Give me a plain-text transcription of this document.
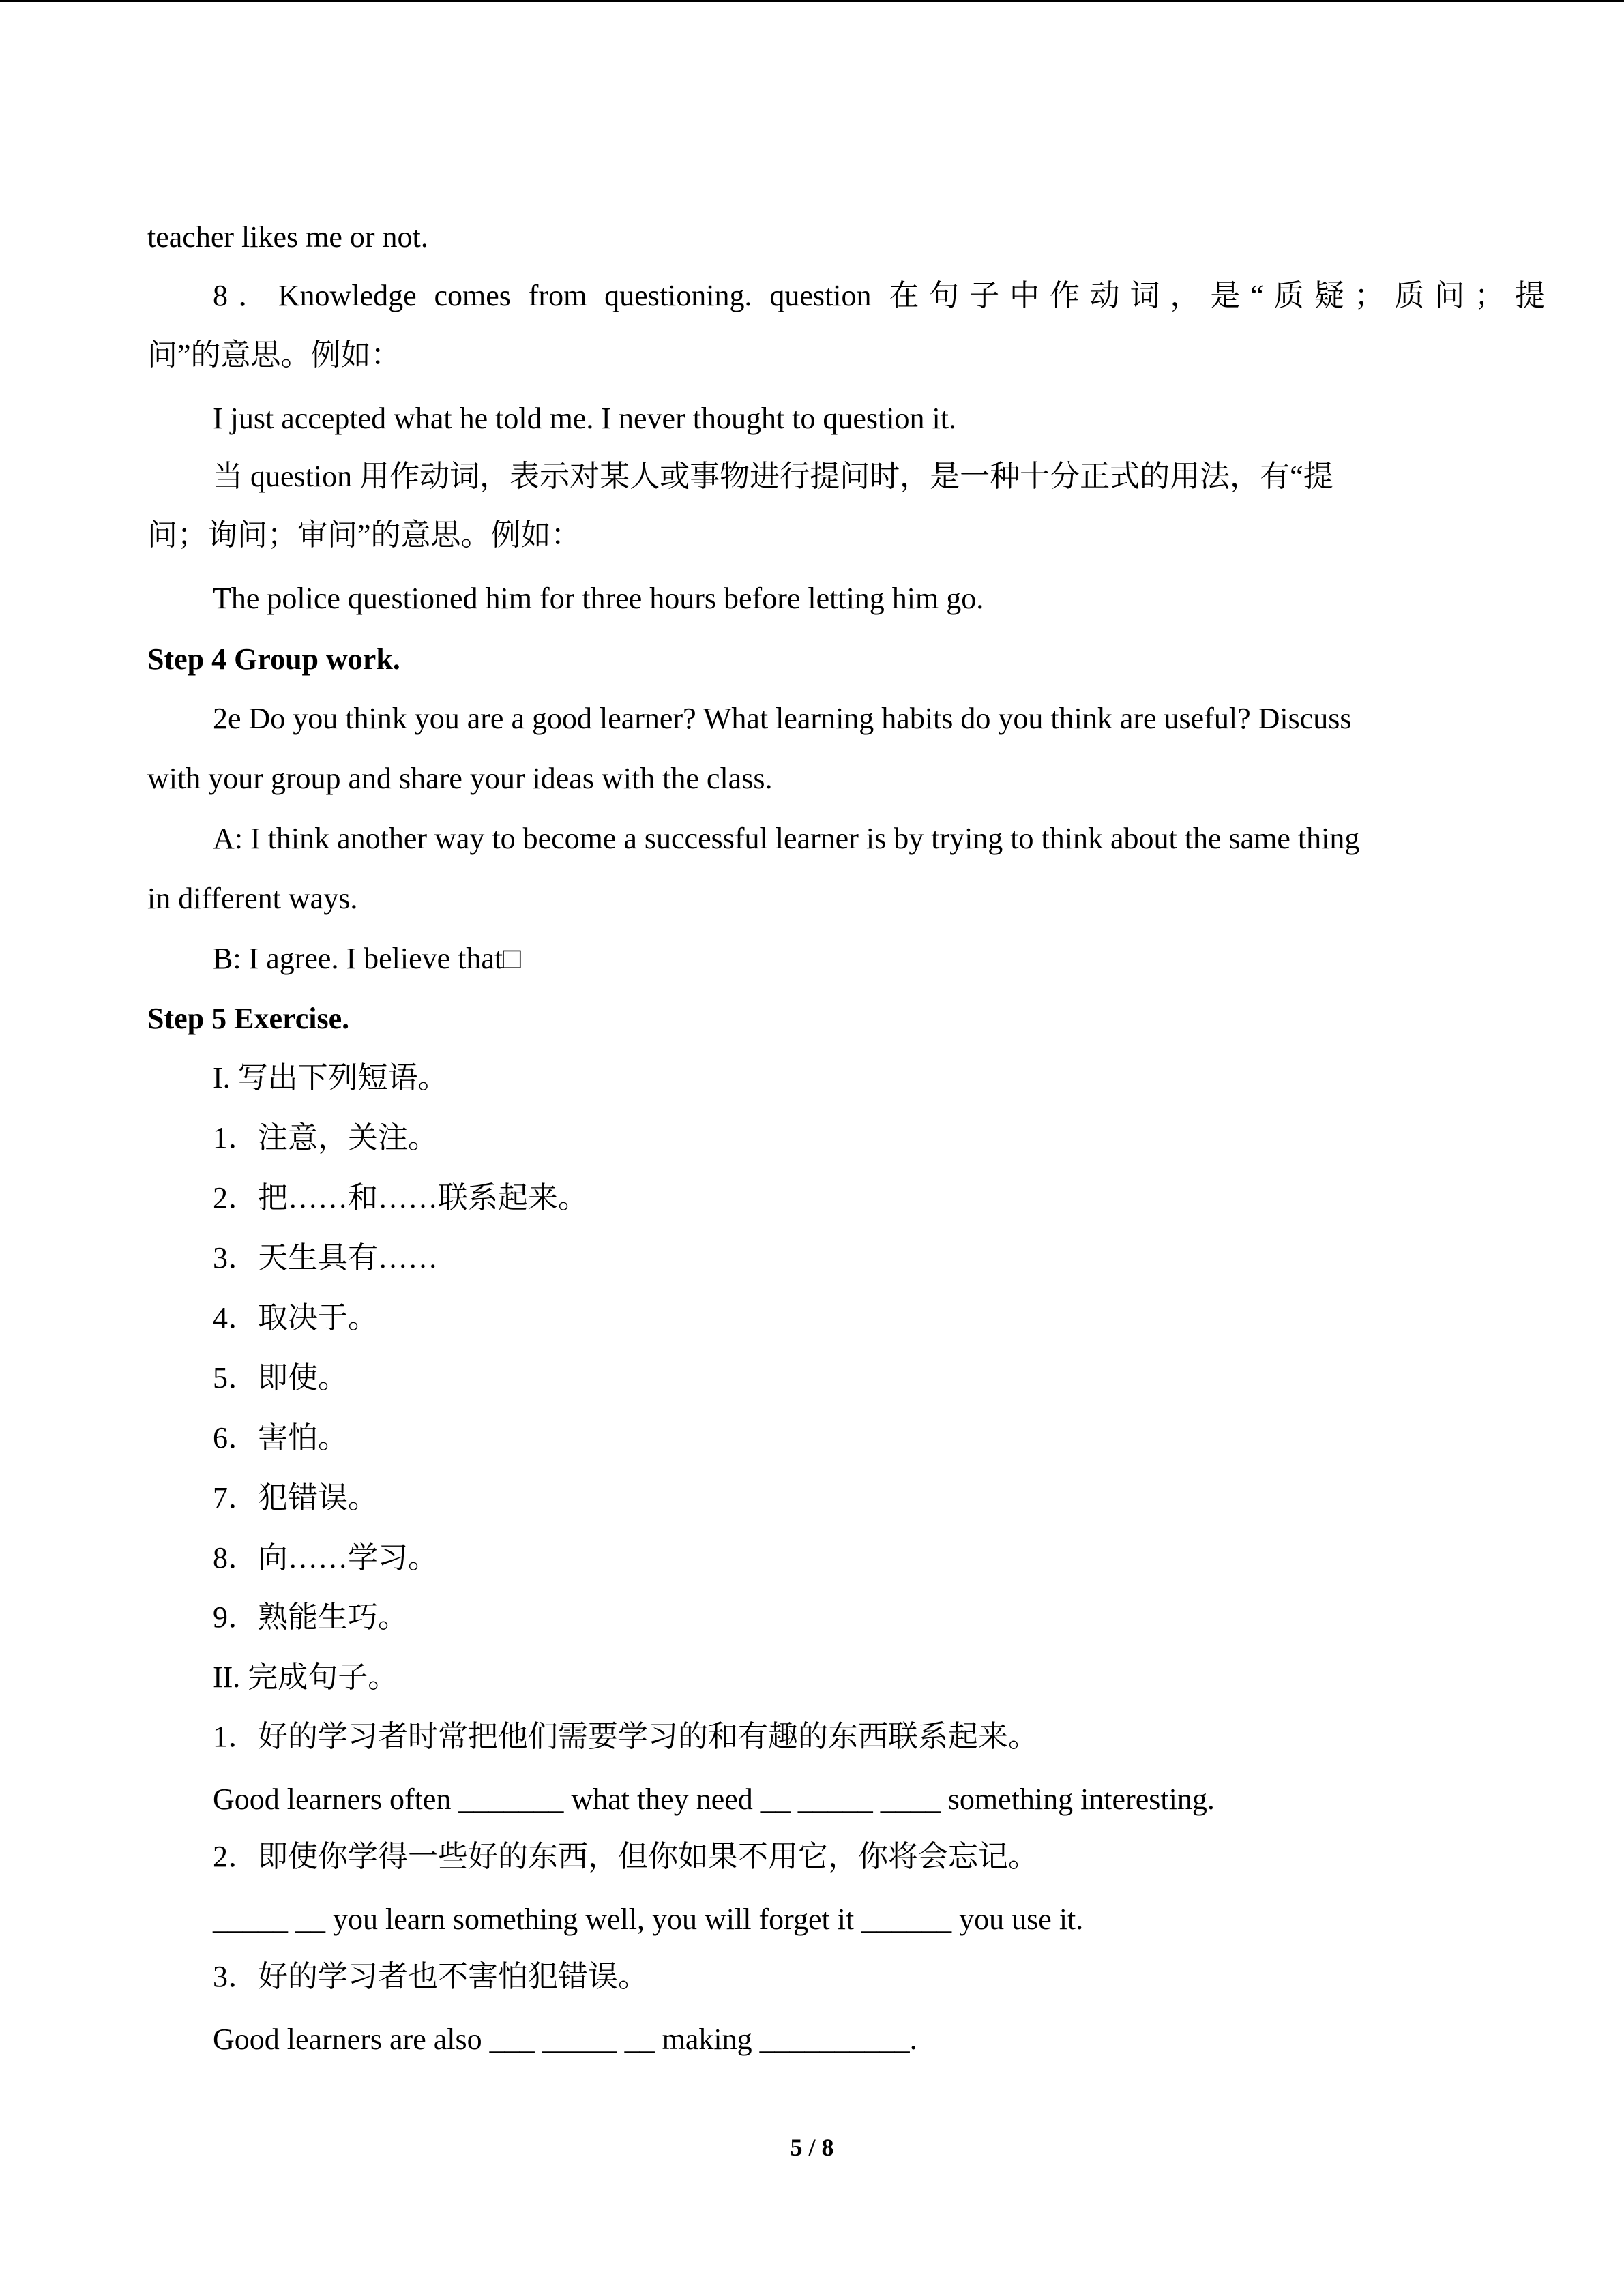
teacher likes me or not.
8．Knowledge comes from questioning. question 在句子中作动词，是“质疑；质问；提
问”的意思。例如：
I just accepted what he told me. I never thought to question it.
当 question 用作动词，表示对某人或事物进行提问时，是一种十分正式的用法，有“提
问；询问；审问”的意思。例如：
The police questioned him for three hours before letting him go.
Step 4 Group work.
2e Do you think you are a good learner? What learning habits do you think are useful? Discuss
with your group and share your ideas with the class.
A: I think another way to become a successful learner is by trying to think about the same thing
in different ways.
B: I agree. I believe that□
Step 5 Exercise.
I. 写出下列短语。
1．注意，关注。
2．把……和……联系起来。
3．天生具有……
4．取决于。
5．即使。
6．害怕。
7．犯错误。
8．向……学习。
9．熟能生巧。
II. 完成句子。
1．好的学习者时常把他们需要学习的和有趣的东西联系起来。
Good learners often _______ what they need __ _____ ____ something interesting.
2．即使你学得一些好的东西，但你如果不用它，你将会忘记。
_____ __ you learn something well, you will forget it ______ you use it.
3．好的学习者也不害怕犯错误。
Good learners are also ___ _____ __ making __________.
5 / 8
